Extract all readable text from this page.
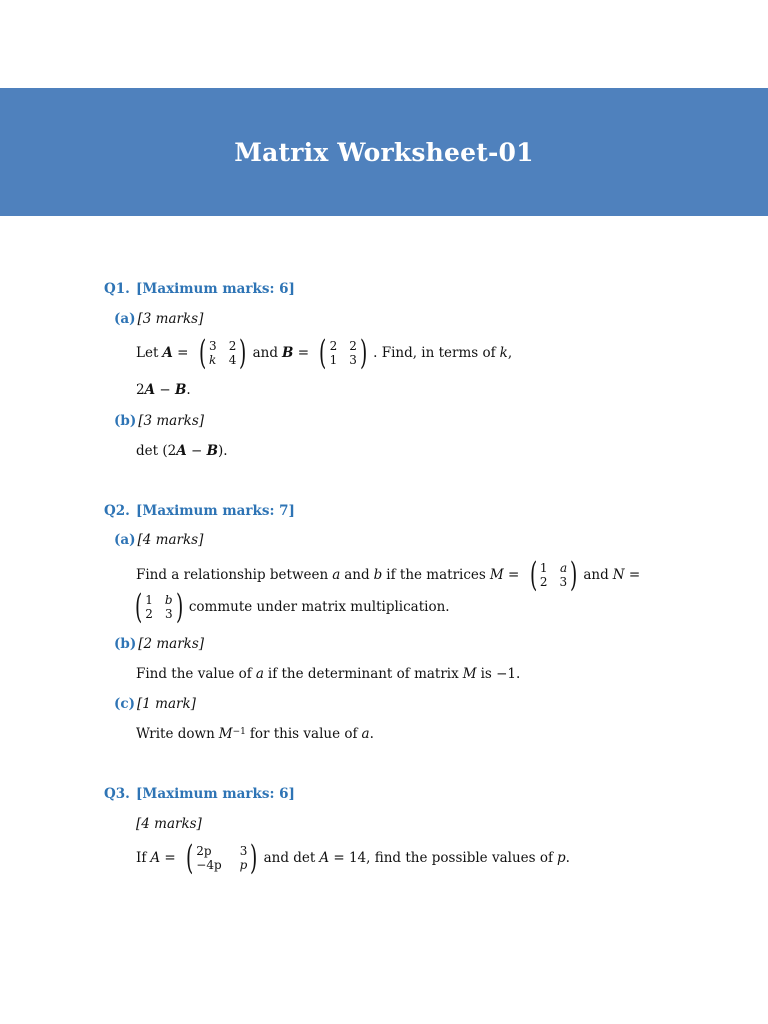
Matrix Worksheet-01
Q1. [Maximum marks: 6]
(a) [3 marks]
Let A = ( 3 2
k 4 ) and B = ( 2 2
1 3 ) . Find, in terms of k ,
2 A − B .
(b) [3 marks]
det (2 A − B ).
Q2. [Maximum marks: 7]
(a) [4 marks]
Find a relationship between a and b if the matrices M = ( 1 a
2 3 ) and N =
( 1 b
2 3 ) commute under matrix multiplication.
(b) [2 marks]
Find the value of a if the determinant of matrix M is −1.
(c) [1 mark]
Write down $M^{-1}$ for this value of a .
Q3. [Maximum marks: 6]
[4 marks]
If A = ( 2p	3
−4p p ) and det A = 14, find the possible values of p .
